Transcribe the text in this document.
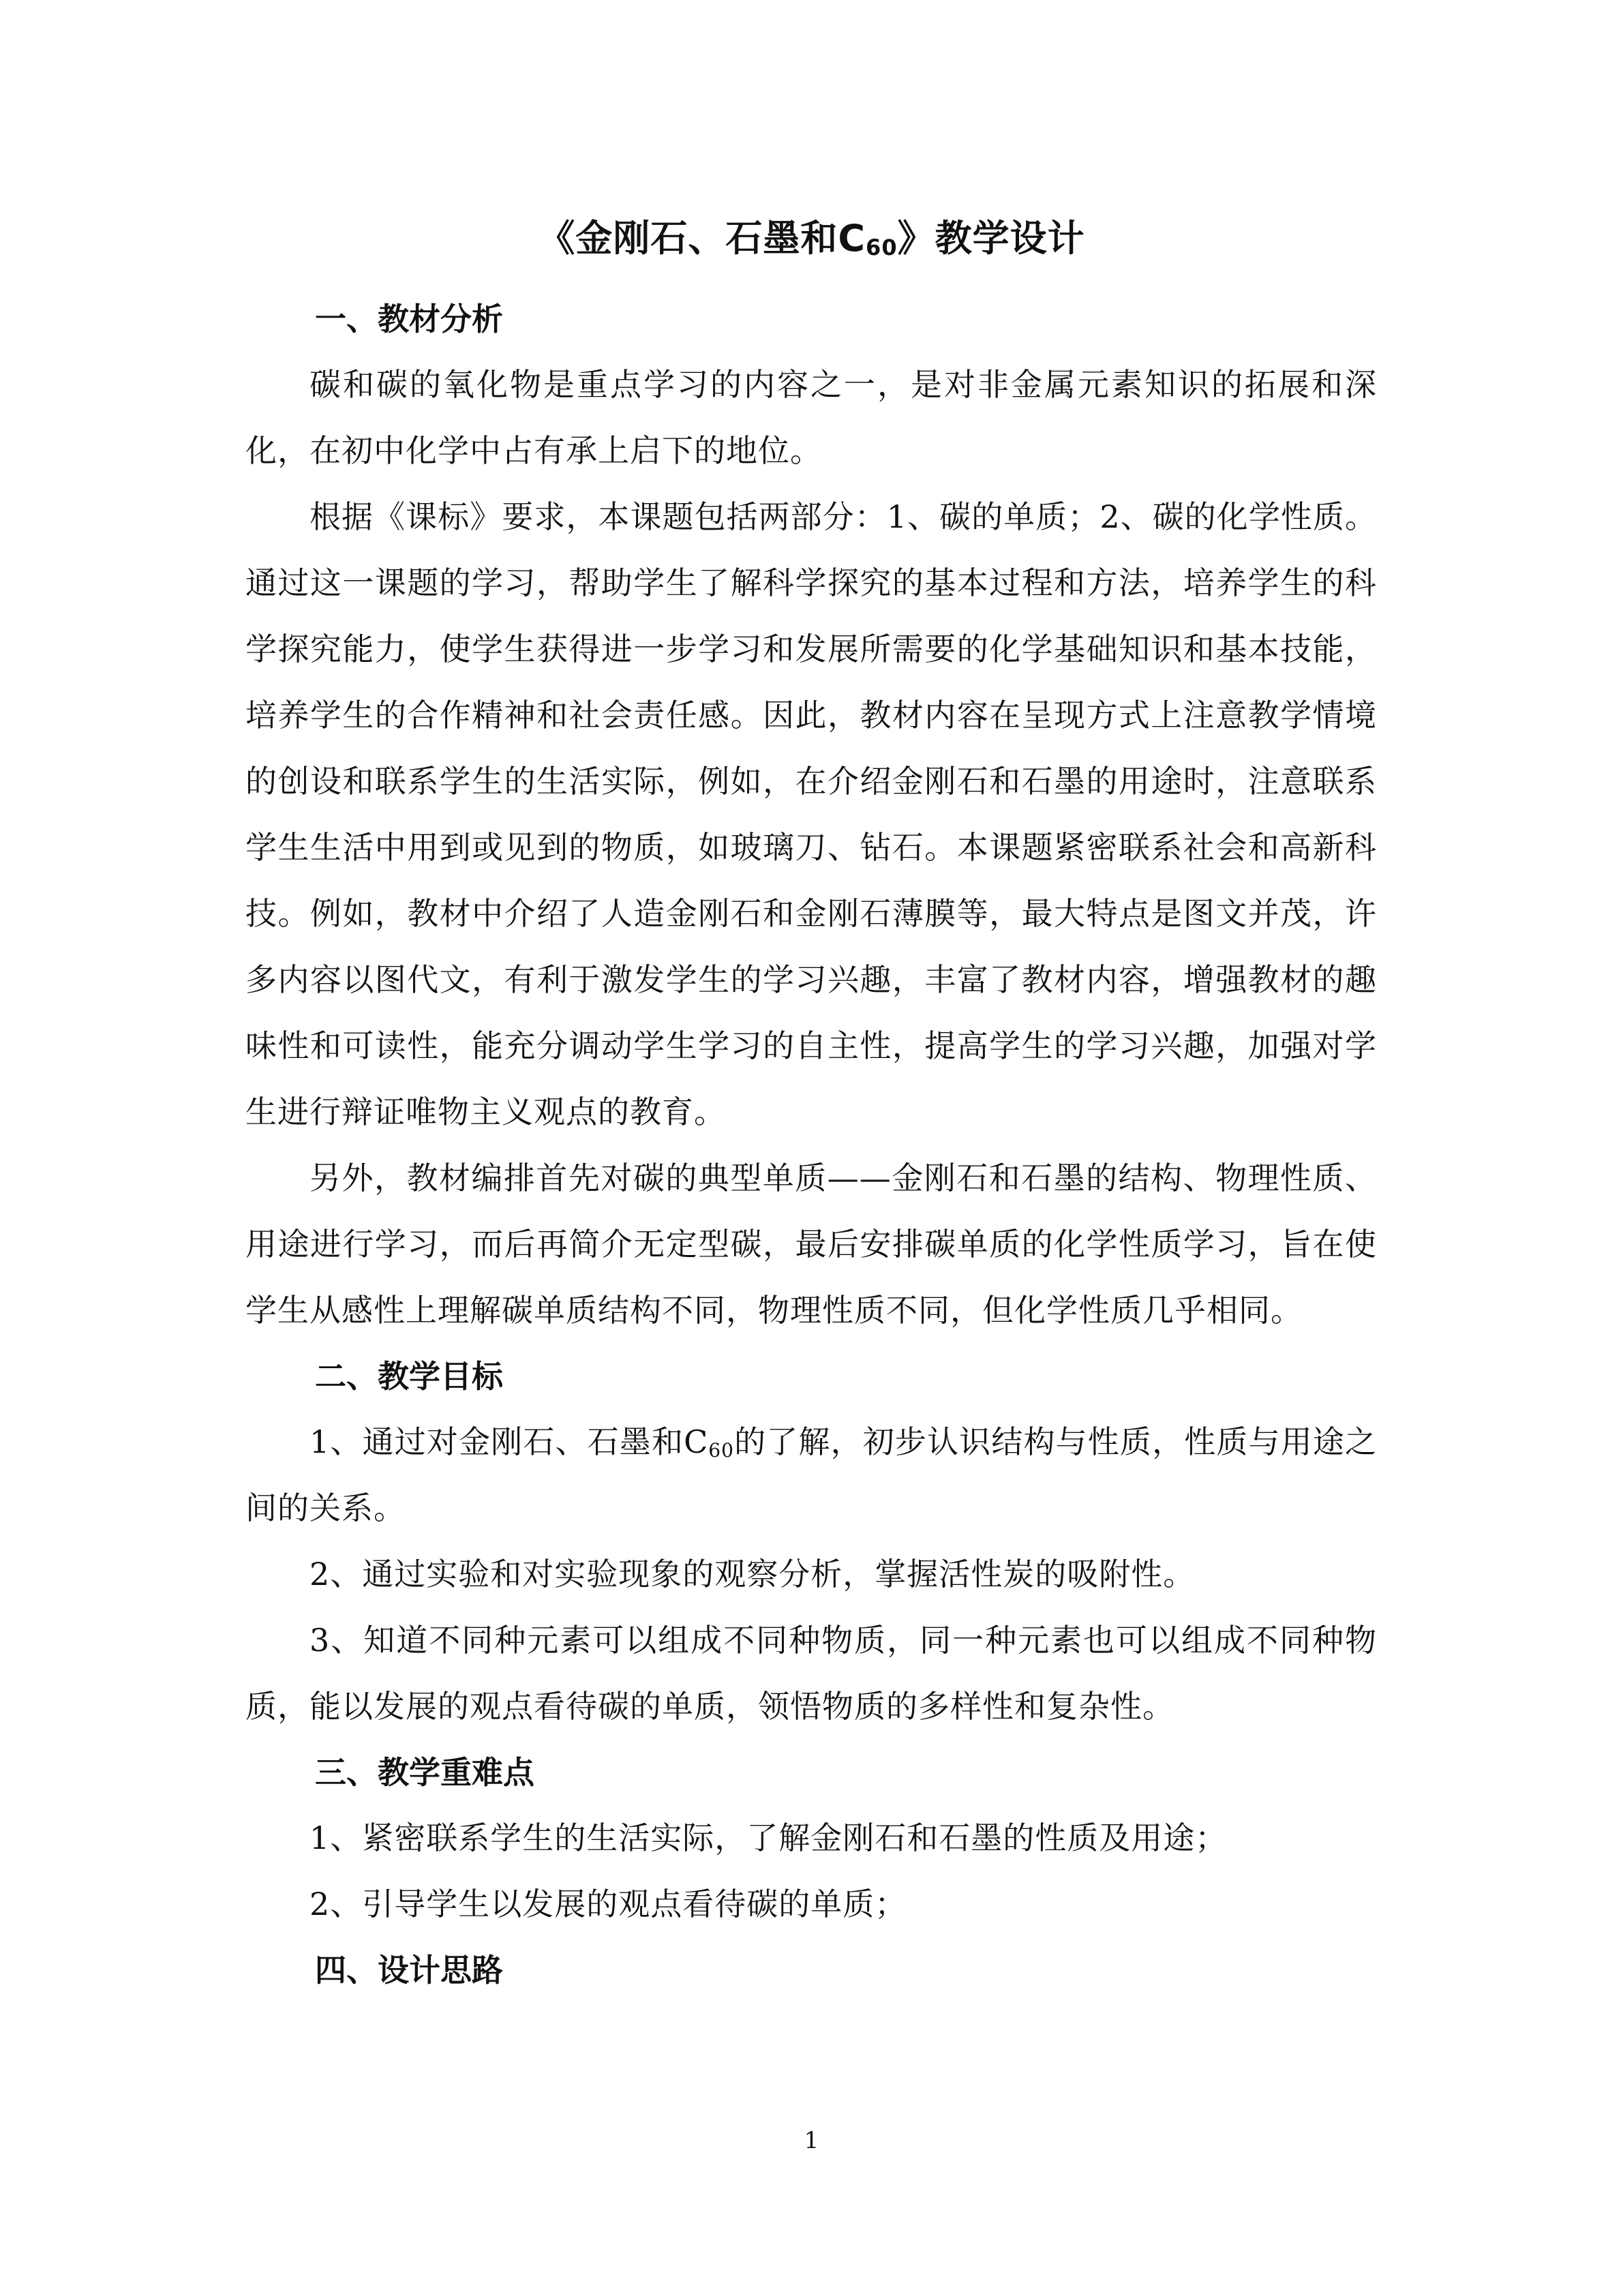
《金刚石、石墨和$C_{60}$》教学设计

一、教材分析

碳和碳的氧化物是重点学习的内容之一，是对非金属元素知识的拓展和深化，在初中化学中占有承上启下的地位。

根据《课标》要求，本课题包括两部分：1、碳的单质；2、碳的化学性质。通过这一课题的学习，帮助学生了解科学探究的基本过程和方法，培养学生的科学探究能力，使学生获得进一步学习和发展所需要的化学基础知识和基本技能，培养学生的合作精神和社会责任感。因此，教材内容在呈现方式上注意教学情境的创设和联系学生的生活实际，例如，在介绍金刚石和石墨的用途时，注意联系学生生活中用到或见到的物质，如玻璃刀、钻石。本课题紧密联系社会和高新科技。例如，教材中介绍了人造金刚石和金刚石薄膜等，最大特点是图文并茂，许多内容以图代文，有利于激发学生的学习兴趣，丰富了教材内容，增强教材的趣味性和可读性，能充分调动学生学习的自主性，提高学生的学习兴趣，加强对学生进行辩证唯物主义观点的教育。

另外，教材编排首先对碳的典型单质——金刚石和石墨的结构、物理性质、用途进行学习，而后再简介无定型碳，最后安排碳单质的化学性质学习，旨在使学生从感性上理解碳单质结构不同，物理性质不同，但化学性质几乎相同。

二、教学目标

1、通过对金刚石、石墨和$C_{60}$的了解，初步认识结构与性质，性质与用途之间的关系。

2、通过实验和对实验现象的观察分析，掌握活性炭的吸附性。

3、知道不同种元素可以组成不同种物质，同一种元素也可以组成不同种物质，能以发展的观点看待碳的单质，领悟物质的多样性和复杂性。

三、教学重难点

1、紧密联系学生的生活实际，了解金刚石和石墨的性质及用途；

2、引导学生以发展的观点看待碳的单质；

四、设计思路

1
